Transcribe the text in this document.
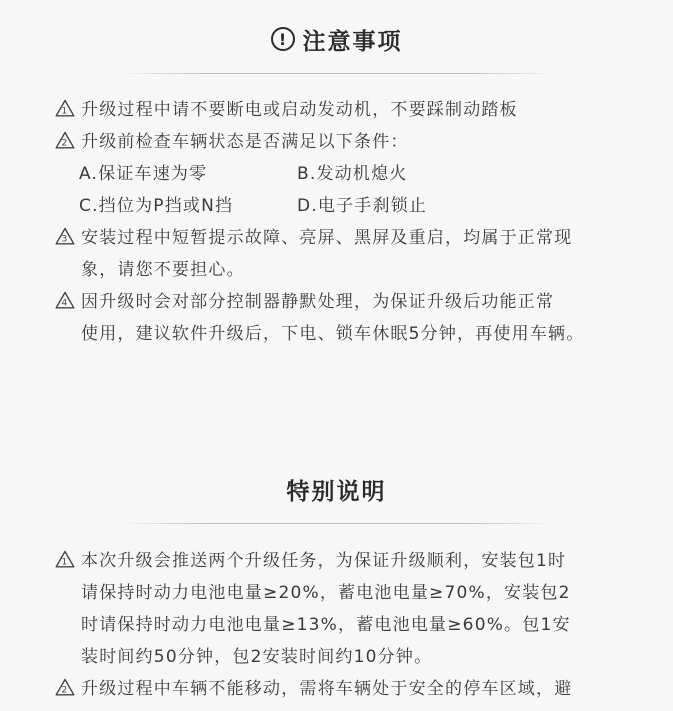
! 注意事项
1 升级过程中请不要断电或启动发动机，不要踩制动踏板
2 升级前检查车辆状态是否满足以下条件：
A.保证车速为零	B.发动机熄火
C.挡位为P挡或N挡	D.电子手刹锁止
3 安装过程中短暂提示故障、亮屏、黑屏及重启，均属于正常现
象，请您不要担心。
4 因升级时会对部分控制器静默处理，为保证升级后功能正常
使用，建议软件升级后，下电、锁车休眠5分钟，再使用车辆。
特别说明
1 本次升级会推送两个升级任务，为保证升级顺利，安装包1时
请保持时动力电池电量≥20%，蓄电池电量≥70%，安装包2
时请保持时动力电池电量≥13%，蓄电池电量≥60%。包1安
装时间约50分钟，包2安装时间约10分钟。
2 升级过程中车辆不能移动，需将车辆处于安全的停车区域，避
